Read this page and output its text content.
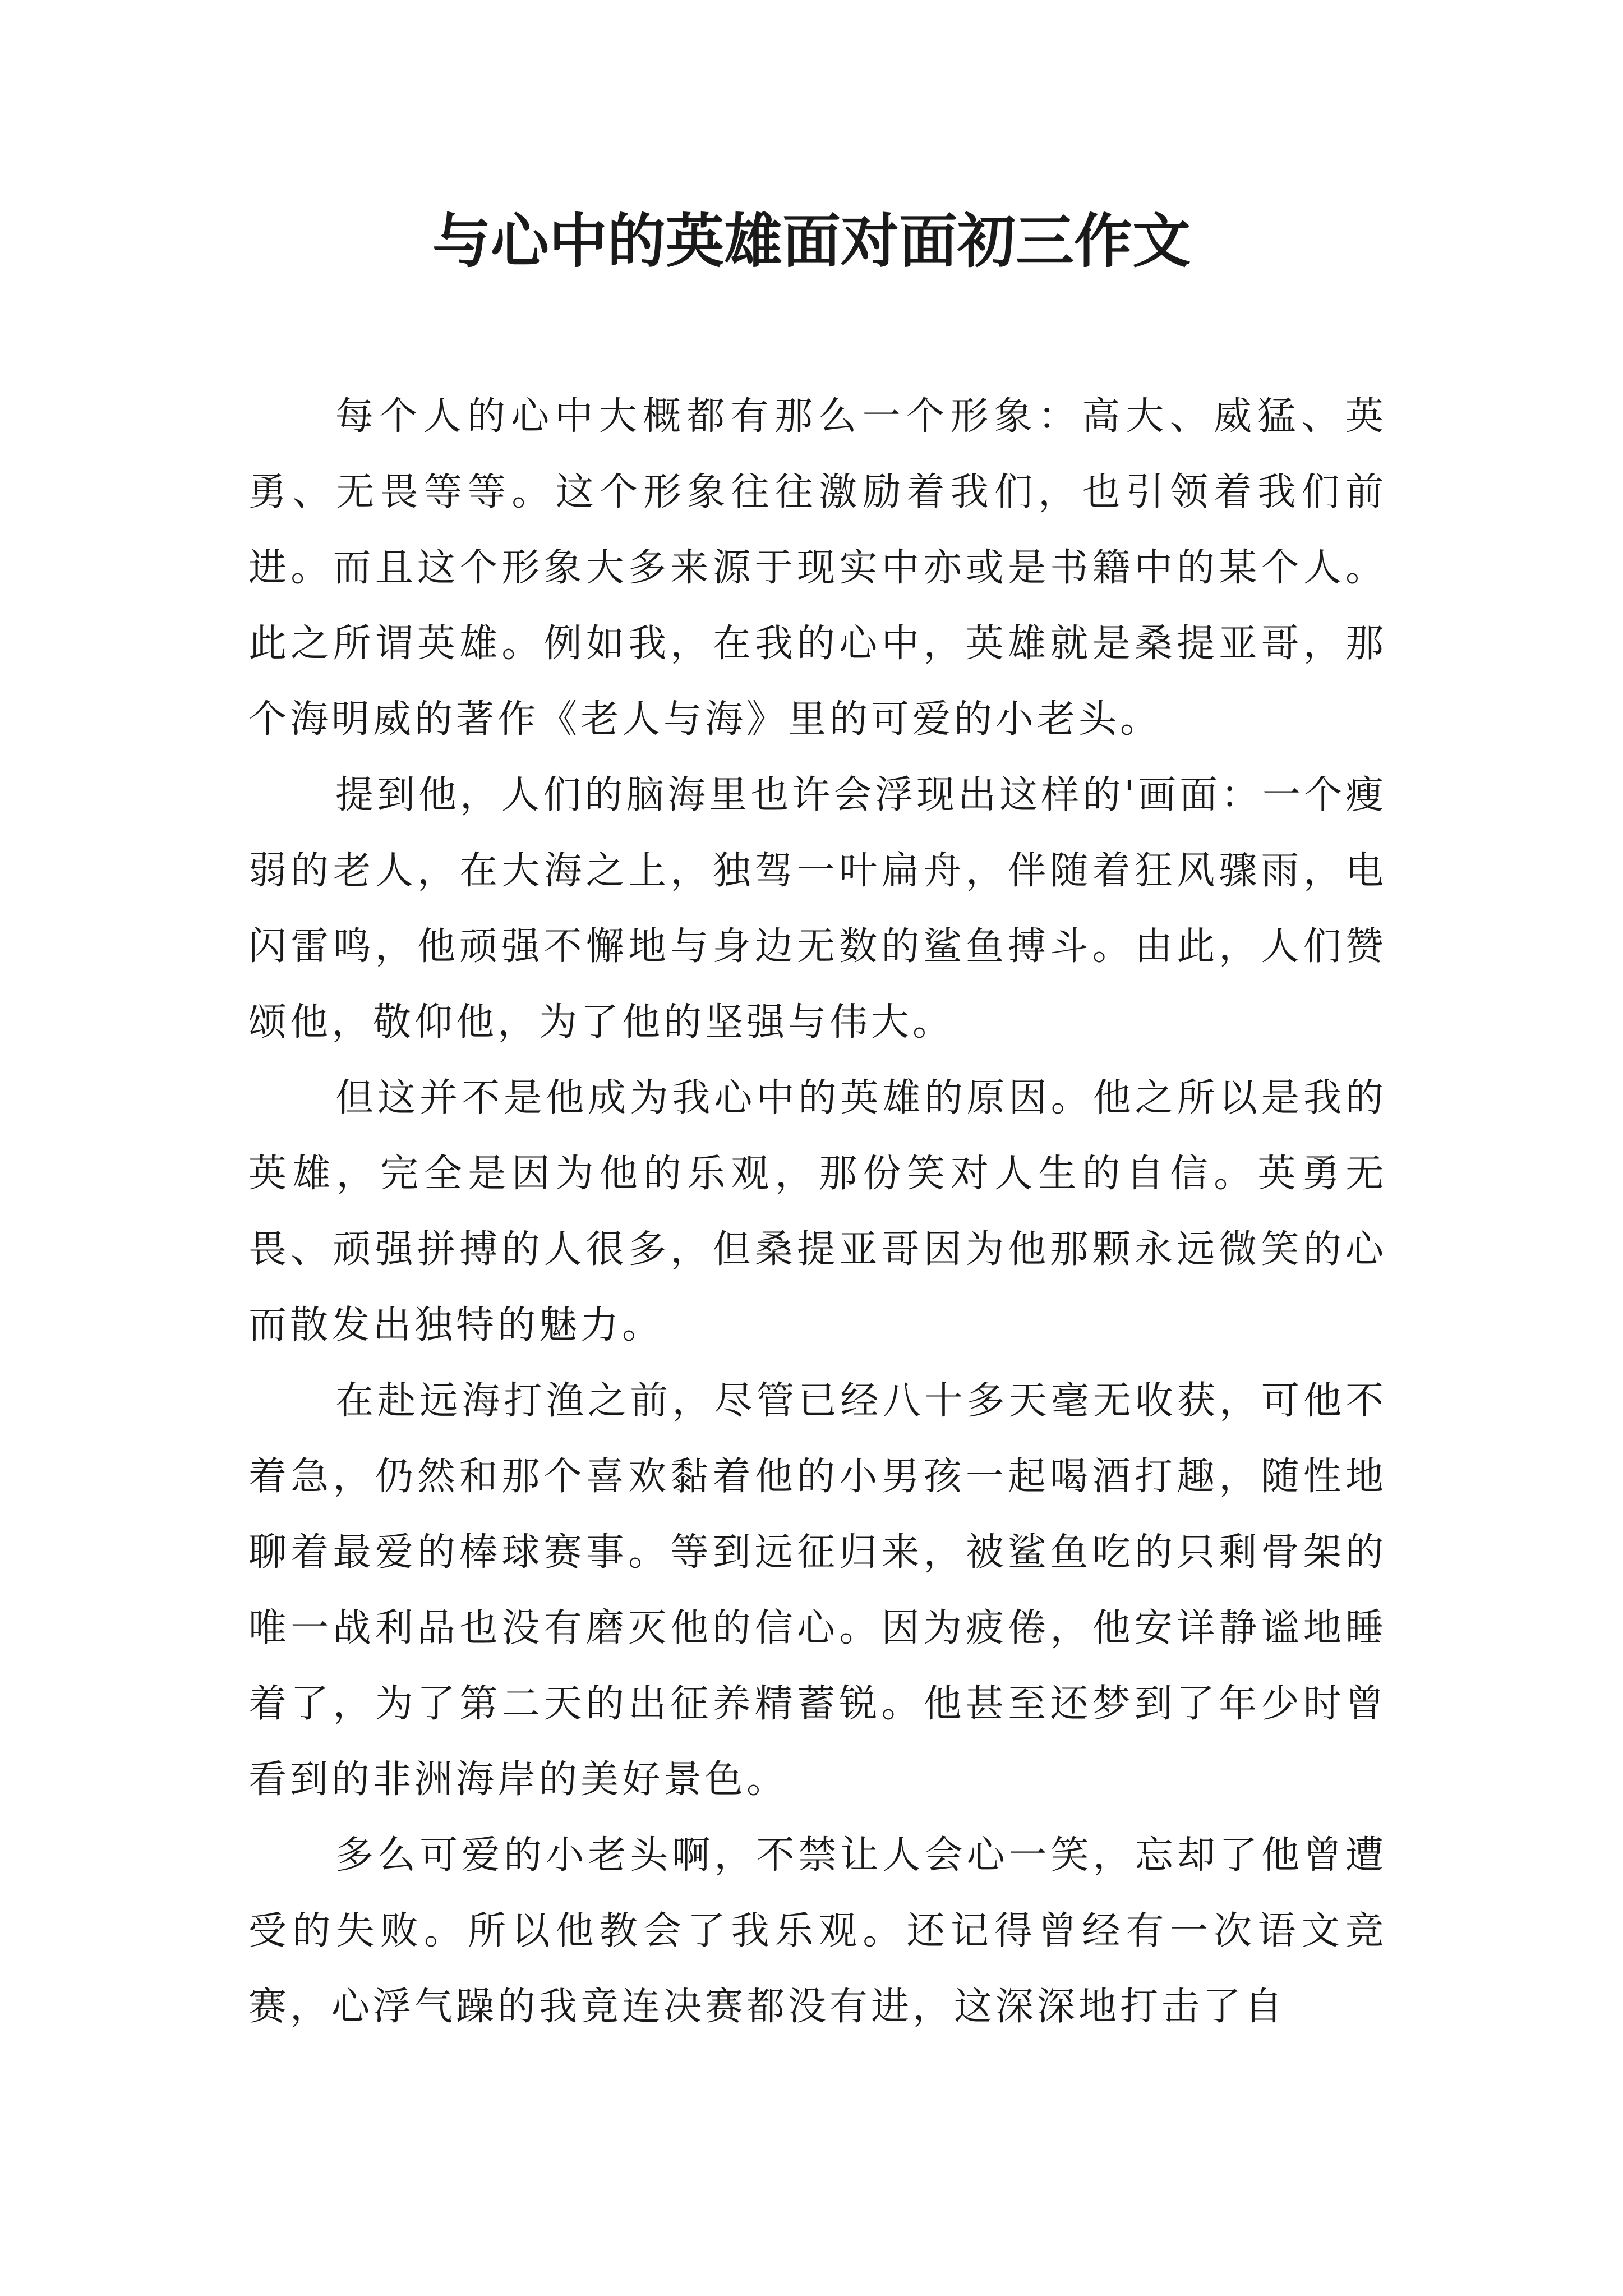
与心中的英雄面对面初三作文

每个人的心中大概都有那么一个形象：高大、威猛、英勇、无畏等等。这个形象往往激励着我们，也引领着我们前进。而且这个形象大多来源于现实中亦或是书籍中的某个人。此之所谓英雄。例如我，在我的心中，英雄就是桑提亚哥，那个海明威的著作《老人与海》里的可爱的小老头。

提到他，人们的脑海里也许会浮现出这样的'画面：一个瘦弱的老人，在大海之上，独驾一叶扁舟，伴随着狂风骤雨，电闪雷鸣，他顽强不懈地与身边无数的鲨鱼搏斗。由此，人们赞颂他，敬仰他，为了他的坚强与伟大。

但这并不是他成为我心中的英雄的原因。他之所以是我的英雄，完全是因为他的乐观，那份笑对人生的自信。英勇无畏、顽强拼搏的人很多，但桑提亚哥因为他那颗永远微笑的心而散发出独特的魅力。

在赴远海打渔之前，尽管已经八十多天毫无收获，可他不着急，仍然和那个喜欢黏着他的小男孩一起喝酒打趣，随性地聊着最爱的棒球赛事。等到远征归来，被鲨鱼吃的只剩骨架的唯一战利品也没有磨灭他的信心。因为疲倦，他安详静谧地睡着了，为了第二天的出征养精蓄锐。他甚至还梦到了年少时曾看到的非洲海岸的美好景色。

多么可爱的小老头啊，不禁让人会心一笑，忘却了他曾遭受的失败。所以他教会了我乐观。还记得曾经有一次语文竞赛，心浮气躁的我竟连决赛都没有进，这深深地打击了自
